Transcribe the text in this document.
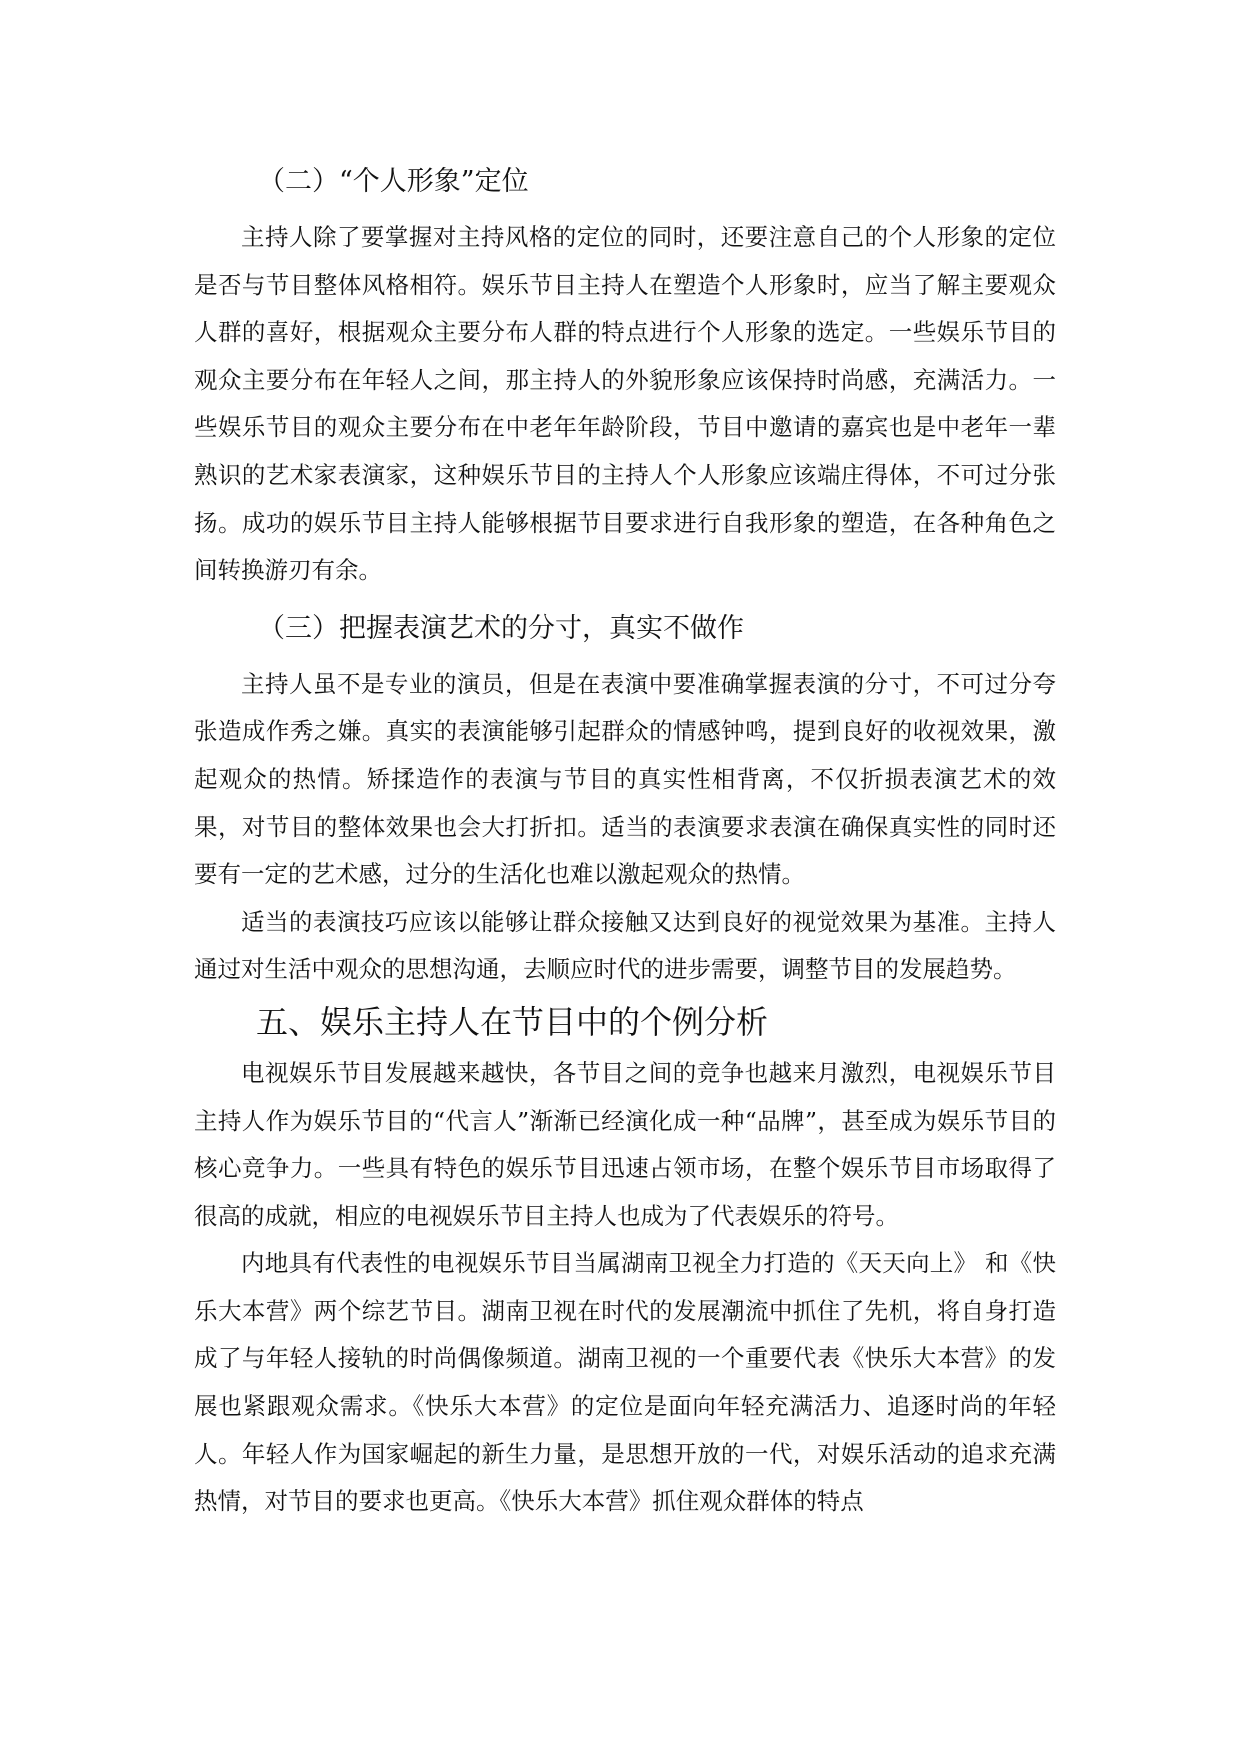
（二）“个人形象”定位

主持人除了要掌握对主持风格的定位的同时，还要注意自己的个人形象的定位是否与节目整体风格相符。娱乐节目主持人在塑造个人形象时，应当了解主要观众人群的喜好，根据观众主要分布人群的特点进行个人形象的选定。一些娱乐节目的观众主要分布在年轻人之间，那主持人的外貌形象应该保持时尚感，充满活力。一些娱乐节目的观众主要分布在中老年年龄阶段，节目中邀请的嘉宾也是中老年一辈熟识的艺术家表演家，这种娱乐节目的主持人个人形象应该端庄得体，不可过分张扬。成功的娱乐节目主持人能够根据节目要求进行自我形象的塑造，在各种角色之间转换游刃有余。

（三）把握表演艺术的分寸，真实不做作

主持人虽不是专业的演员，但是在表演中要准确掌握表演的分寸，不可过分夸张造成作秀之嫌。真实的表演能够引起群众的情感钟鸣，提到良好的收视效果，激起观众的热情。矫揉造作的表演与节目的真实性相背离，不仅折损表演艺术的效果，对节目的整体效果也会大打折扣。适当的表演要求表演在确保真实性的同时还要有一定的艺术感，过分的生活化也难以激起观众的热情。

适当的表演技巧应该以能够让群众接触又达到良好的视觉效果为基准。主持人通过对生活中观众的思想沟通，去顺应时代的进步需要，调整节目的发展趋势。

五、娱乐主持人在节目中的个例分析

电视娱乐节目发展越来越快，各节目之间的竞争也越来月激烈，电视娱乐节目主持人作为娱乐节目的“代言人”渐渐已经演化成一种“品牌”，甚至成为娱乐节目的核心竞争力。一些具有特色的娱乐节目迅速占领市场，在整个娱乐节目市场取得了很高的成就，相应的电视娱乐节目主持人也成为了代表娱乐的符号。

内地具有代表性的电视娱乐节目当属湖南卫视全力打造的《天天向上》 和《快乐大本营》两个综艺节目。湖南卫视在时代的发展潮流中抓住了先机，将自身打造成了与年轻人接轨的时尚偶像频道。湖南卫视的一个重要代表《快乐大本营》的发展也紧跟观众需求。《快乐大本营》的定位是面向年轻充满活力、追逐时尚的年轻人。年轻人作为国家崛起的新生力量，是思想开放的一代，对娱乐活动的追求充满热情，对节目的要求也更高。《快乐大本营》抓住观众群体的特点
